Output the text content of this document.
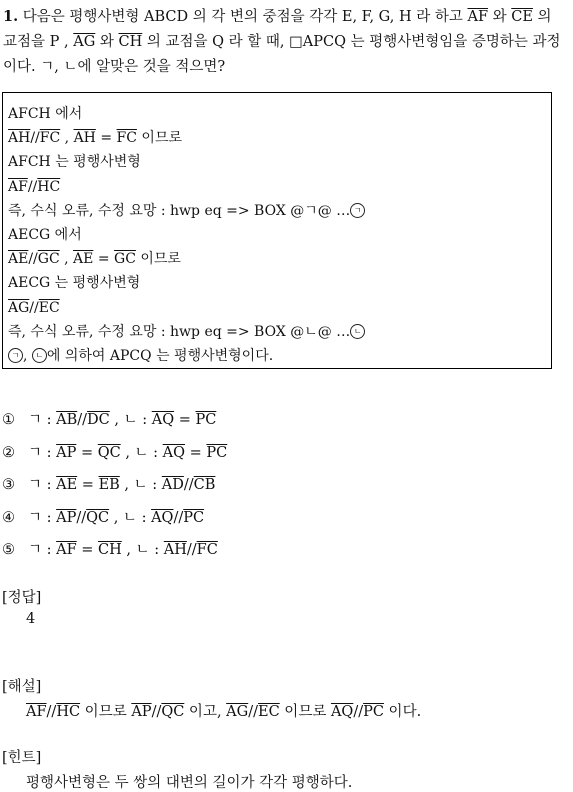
1. 다음은 평행사변형 ABCD 의 각 변의 중점을 각각 E, F, G, H 라 하고 $\overline{AF}$ 와 $\overline{CE}$ 의 교점을 P , $\overline{AG}$ 와 $\overline{CH}$ 의 교점을 Q 라 할 때, □APCQ 는 평행사변형임을 증명하는 과정이다. ㄱ, ㄴ에 알맞은 것을 적으면?
AFCH 에서
$\overline{AH}//\overline{FC}$ , $\overline{AH} = \overline{FC}$ 이므로
AFCH 는 평행사변형
$\overline{AF}//\overline{HC}$
즉, 수식 오류, 수정 요망 : hwp eq => BOX @ㄱ@ … ㄱ
AECG 에서
$\overline{AE}//\overline{GC}$ , $\overline{AE} = \overline{GC}$ 이므로
AECG 는 평행사변형
$\overline{AG}//\overline{EC}$
즉, 수식 오류, 수정 요망 : hwp eq => BOX @ㄴ@ … ㄴ
ㄱ , ㄴ 에 의하여 APCQ 는 평행사변형이다.
① ㄱ : $\overline{AB}//\overline{DC}$ , ㄴ : $\overline{AQ} = \overline{PC}$
② ㄱ : $\overline{AP} = \overline{QC}$ , ㄴ : $\overline{AQ} = \overline{PC}$
③ ㄱ : $\overline{AE} = \overline{EB}$ , ㄴ : $\overline{AD}//\overline{CB}$
④ ㄱ : $\overline{AP}//\overline{QC}$ , ㄴ : $\overline{AQ}//\overline{PC}$
⑤ ㄱ : $\overline{AF} = \overline{CH}$ , ㄴ : $\overline{AH}//\overline{FC}$
[정답]
4
[해설]
$\overline{AF}//\overline{HC}$ 이므로 $\overline{AP}//\overline{QC}$ 이고, $\overline{AG}//\overline{EC}$ 이므로 $\overline{AQ}//\overline{PC}$ 이다.
[힌트]
평행사변형은 두 쌍의 대변의 길이가 각각 평행하다.
